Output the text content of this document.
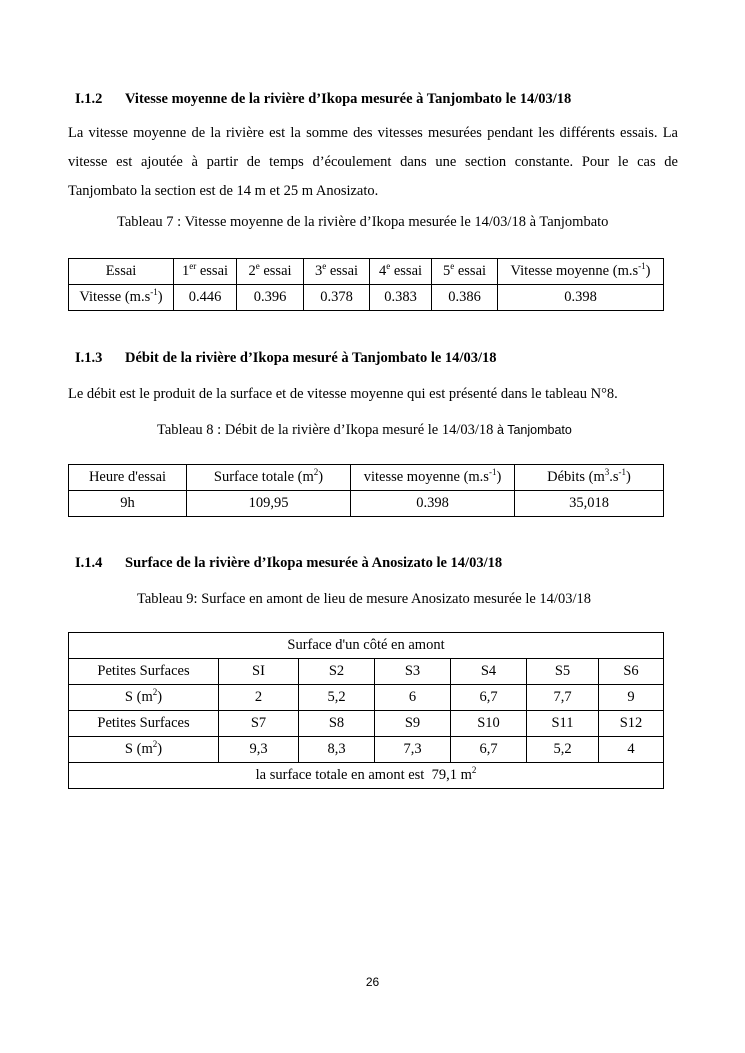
I.1.2 Vitesse moyenne de la rivière d’Ikopa mesurée à Tanjombato le 14/03/18
La vitesse moyenne de la rivière est la somme des vitesses mesurées pendant les différents essais. La
vitesse est ajoutée à partir de temps d’écoulement dans une section constante. Pour le cas de
Tanjombato la section est de 14 m et 25 m Anosizato.
Tableau 7 : Vitesse moyenne de la rivière d’Ikopa mesurée le 14/03/18 à Tanjombato
Essai	1er essai	2e essai	3e essai	4e essai	5e essai	Vitesse moyenne $(m.s^{-1})$
Vitesse $(m.s^{-1})$	0.446	0.396	0.378	0.383	0.386	0.398
I.1.3 Débit de la rivière d’Ikopa mesuré à Tanjombato le 14/03/18
Le débit est le produit de la surface et de vitesse moyenne qui est présenté dans le tableau N°8.
Tableau 8 : Débit de la rivière d’Ikopa mesuré le 14/03/18 à Tanjombato
Heure d'essai	Surface totale $(m^2)$	vitesse moyenne $(m.s^{-1})$	Débits $(m^3.s^{-1})$
9h	109,95	0.398	35,018
I.1.4 Surface de la rivière d’Ikopa mesurée à Anosizato le 14/03/18
Tableau 9: Surface en amont de lieu de mesure Anosizato mesurée le 14/03/18
Surface d'un côté en amont						
Petites Surfaces	SI	S2	S3	S4	S5	S6
S $(m^2)$	2	5,2	6	6,7	7,7	9
Petites Surfaces	S7	S8	S9	S10	S11	S12
S $(m^2)$	9,3	8,3	7,3	6,7	5,2	4
la surface totale en amont est  79,1 $m^2$
26
